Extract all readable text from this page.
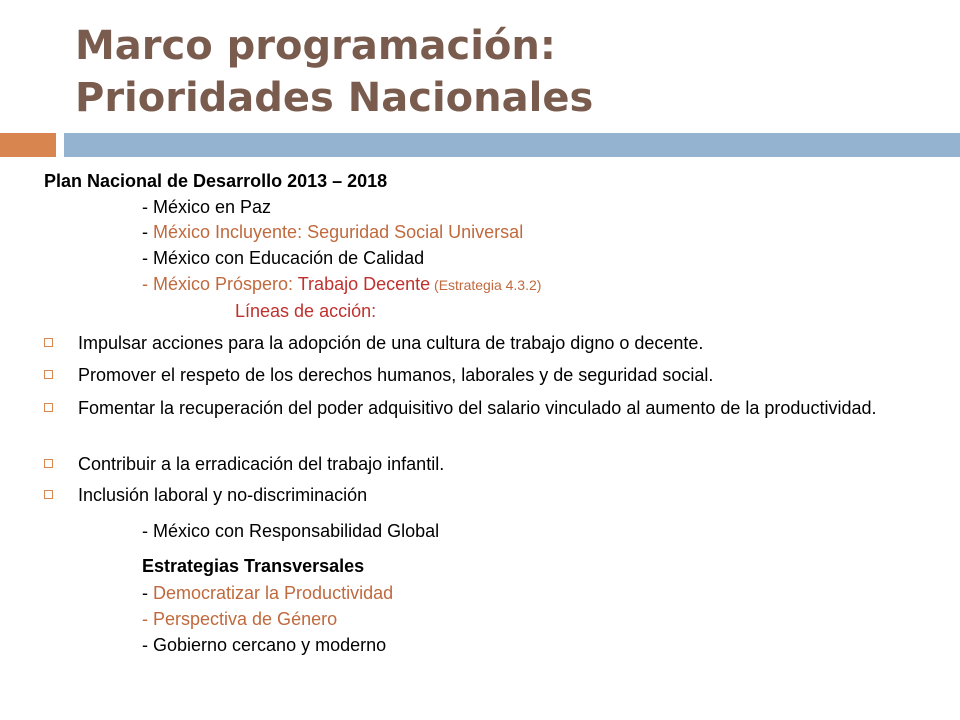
Marco programación:
Prioridades Nacionales
Plan Nacional de Desarrollo 2013 – 2018
- México en Paz
- México Incluyente: Seguridad Social Universal
- México con Educación de Calidad
- México Próspero: Trabajo Decente (Estrategia 4.3.2)
Líneas de acción:
Impulsar acciones para la adopción de una cultura de trabajo digno o decente.
Promover el respeto de los derechos humanos, laborales y de seguridad social.
Fomentar la recuperación del poder adquisitivo del salario vinculado al aumento de la productividad.
Contribuir a la erradicación del trabajo infantil.
Inclusión laboral y no-discriminación
- México con Responsabilidad Global
Estrategias Transversales
- Democratizar la Productividad
- Perspectiva de Género
- Gobierno cercano y moderno
